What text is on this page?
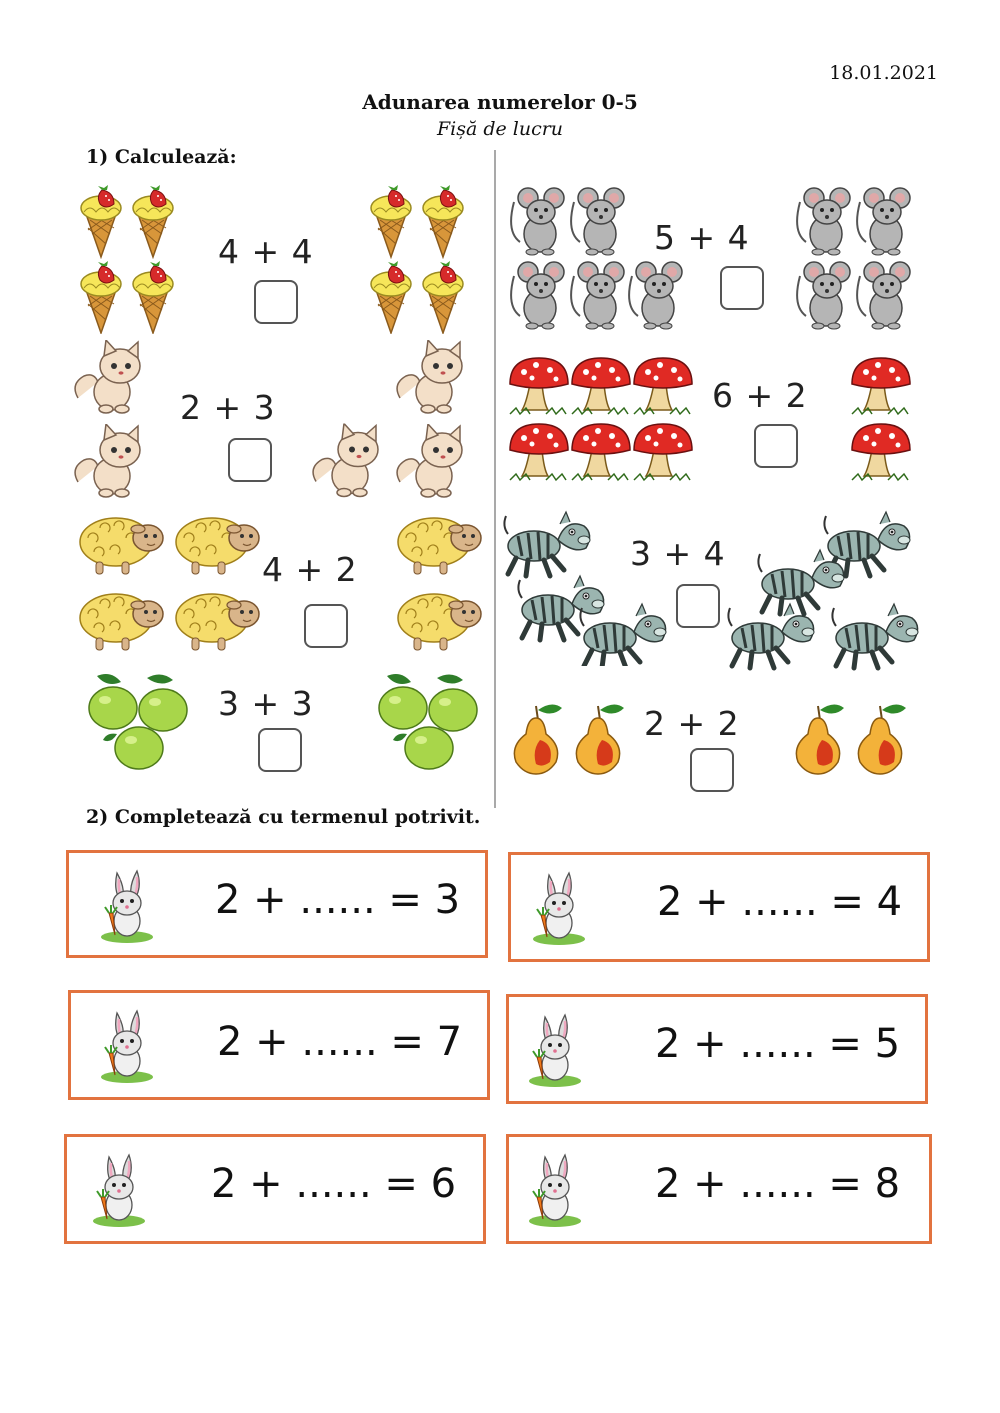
18.01.2021
Adunarea numerelor 0-5
Fișă de lucru
1) Calculează:
4 + 4
2 + 3
4 + 2
3 + 3
5 + 4
6 + 2
3 + 4
2 + 2
2) Completează cu termenul potrivit.
2 + ...... = 3	2 + ...... = 4
2 + ...... = 7	2 + ...... = 5
2 + ...... = 6	2 + ...... = 8
